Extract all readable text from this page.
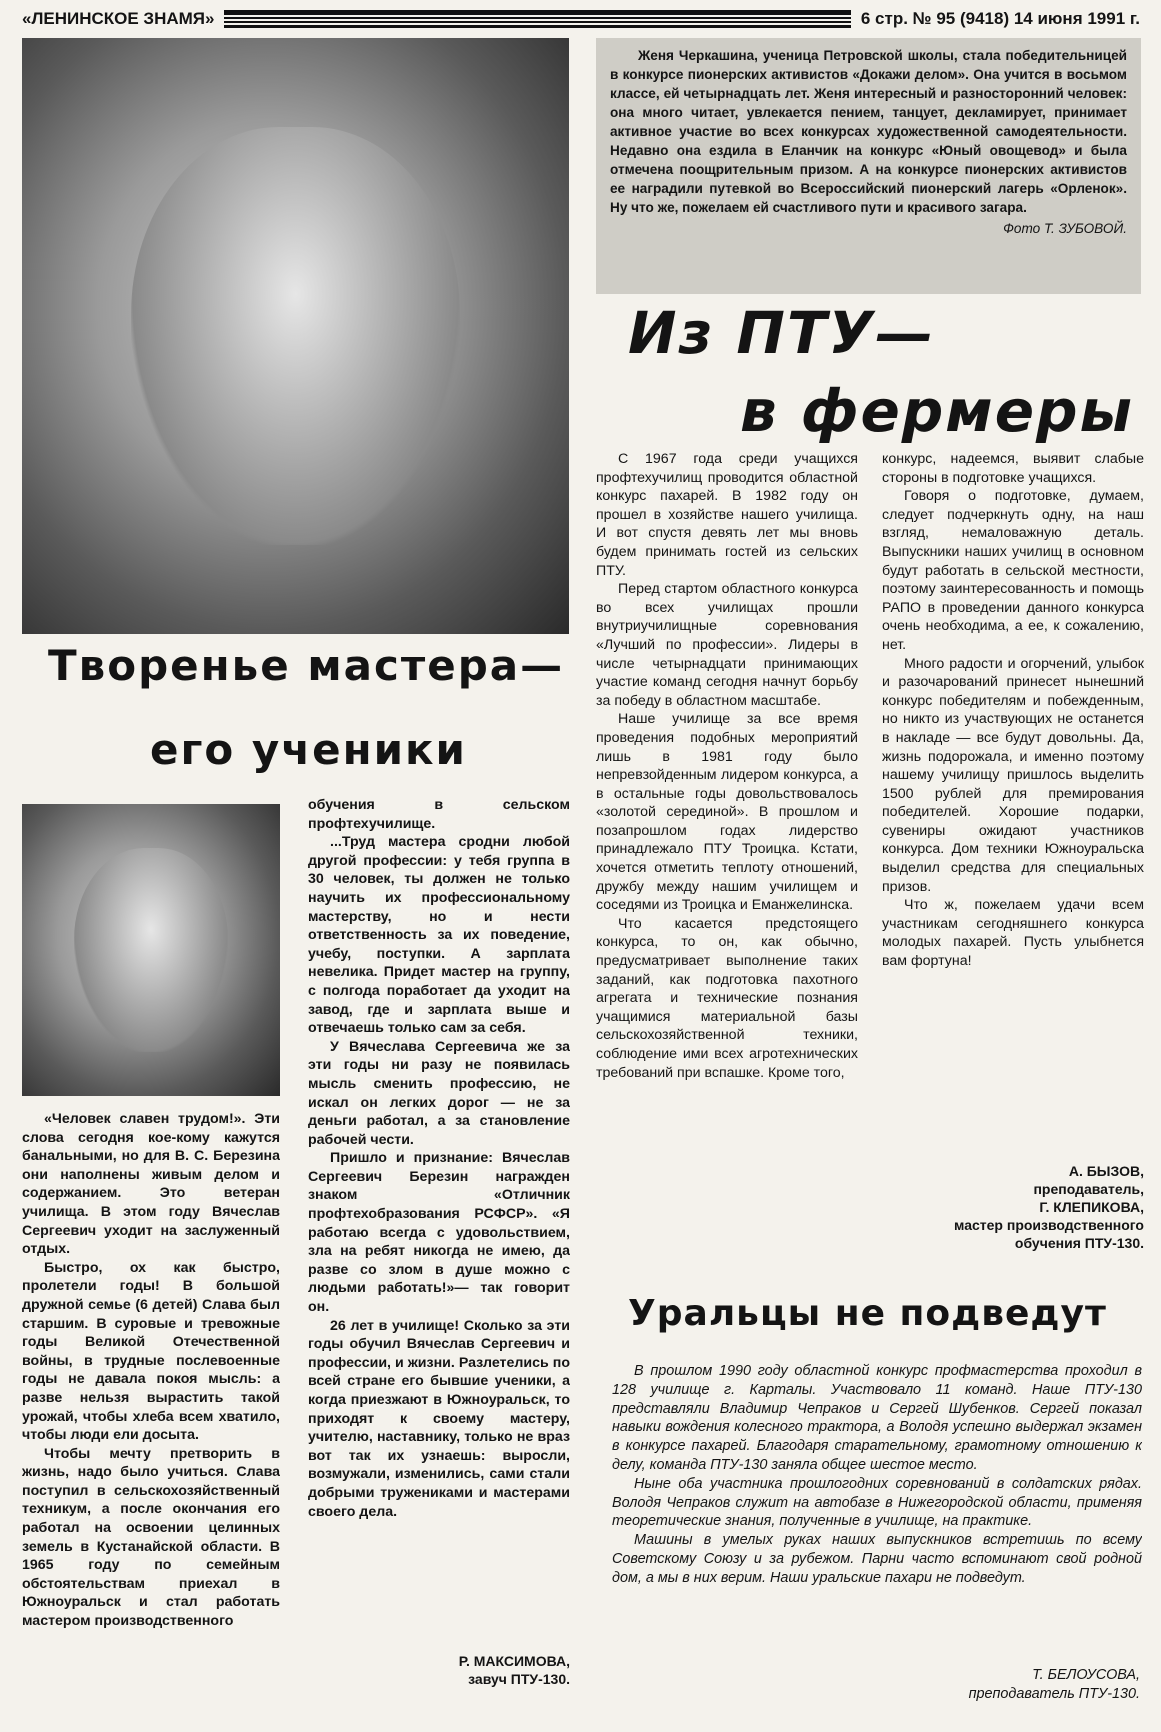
«ЛЕНИНСКОЕ ЗНАМЯ»	6 стр. № 95 (9418) 14 июня 1991 г.
Женя Черкашина, ученица Петровской школы, стала победительницей в конкурсе пионерских активистов «Докажи делом». Она учится в восьмом классе, ей четырнадцать лет. Женя интересный и разносторонний человек: она много читает, увлекается пением, танцует, декламирует, принимает активное участие во всех конкурсах художественной самодеятельности. Недавно она ездила в Еланчик на конкурс «Юный овощевод» и была отмечена поощрительным призом. А на конкурсе пионерских активистов ее наградили путевкой во Всероссийский пионерский лагерь «Орленок». Ну что же, пожелаем ей счастливого пути и красивого загара.
Фото Т. ЗУБОВОЙ.
Из ПТУ—
в фермеры
Творенье мастера—
его ученики

«Человек славен трудом!». Эти слова сегодня кое-кому кажутся банальными, но для В. С. Березина они наполнены живым делом и содержанием. Это ветеран училища. В этом году Вячеслав Сергеевич уходит на заслуженный отдых.

Быстро, ох как быстро, пролетели годы! В большой дружной семье (6 детей) Слава был старшим. В суровые и тревожные годы Великой Отечественной войны, в трудные послевоенные годы не давала покоя мысль: а разве нельзя вырастить такой урожай, чтобы хлеба всем хватило, чтобы люди ели досыта.

Чтобы мечту претворить в жизнь, надо было учиться. Слава поступил в сельскохозяйственный техникум, а после окончания его работал на освоении целинных земель в Кустанайской области. В 1965 году по семейным обстоятельствам приехал в Южноуральск и стал работать мастером производственного

обучения в сельском профтехучилище.

...Труд мастера сродни любой другой профессии: у тебя группа в 30 человек, ты должен не только научить их профессиональному мастерству, но и нести ответственность за их поведение, учебу, поступки. А зарплата невелика. Придет мастер на группу, с полгода поработает да уходит на завод, где и зарплата выше и отвечаешь только сам за себя.

У Вячеслава Сергеевича же за эти годы ни разу не появилась мысль сменить профессию, не искал он легких дорог — не за деньги работал, а за становление рабочей чести.

Пришло и признание: Вячеслав Сергеевич Березин награжден знаком «Отличник профтехобразования РСФСР». «Я работаю всегда с удовольствием, зла на ребят никогда не имею, да разве со злом в душе можно с людьми работать!»— так говорит он.

26 лет в училище! Сколько за эти годы обучил Вячеслав Сергеевич и профессии, и жизни. Разлетелись по всей стране его бывшие ученики, а когда приезжают в Южноуральск, то приходят к своему мастеру, учителю, наставнику, только не враз вот так их узнаешь: выросли, возмужали, изменились, сами стали добрыми тружениками и мастерами своего дела.

Р. МАКСИМОВА,
завуч ПТУ-130.

С 1967 года среди учащихся профтехучилищ проводится областной конкурс пахарей. В 1982 году он прошел в хозяйстве нашего училища. И вот спустя девять лет мы вновь будем принимать гостей из сельских ПТУ.

Перед стартом областного конкурса во всех училищах прошли внутриучилищные соревнования «Лучший по профессии». Лидеры в числе четырнадцати принимающих участие команд сегодня начнут борьбу за победу в областном масштабе.

Наше училище за все время проведения подобных мероприятий лишь в 1981 году было непревзойденным лидером конкурса, а в остальные годы довольствовалось «золотой серединой». В прошлом и позапрошлом годах лидерство принадлежало ПТУ Троицка. Кстати, хочется отметить теплоту отношений, дружбу между нашим училищем и соседями из Троицка и Еманжелинска.

Что касается предстоящего конкурса, то он, как обычно, предусматривает выполнение таких заданий, как подготовка пахотного агрегата и технические познания учащимися материальной базы сельскохозяйственной техники, соблюдение ими всех агротехнических требований при вспашке. Кроме того,

конкурс, надеемся, выявит слабые стороны в подготовке учащихся.

Говоря о подготовке, думаем, следует подчеркнуть одну, на наш взгляд, немаловажную деталь. Выпускники наших училищ в основном будут работать в сельской местности, поэтому заинтересованность и помощь РАПО в проведении данного конкурса очень необходима, а ее, к сожалению, нет.

Много радости и огорчений, улыбок и разочарований принесет нынешний конкурс победителям и побежденным, но никто из участвующих не останется в накладе — все будут довольны. Да, жизнь подорожала, и именно поэтому нашему училищу пришлось выделить 1500 рублей для премирования победителей. Хорошие подарки, сувениры ожидают участников конкурса. Дом техники Южноуральска выделил средства для специальных призов.

Что ж, пожелаем удачи всем участникам сегодняшнего конкурса молодых пахарей. Пусть улыбнется вам фортуна!

А. БЫЗОВ,
преподаватель,
Г. КЛЕПИКОВА,
мастер производственного
обучения ПТУ-130.
Уральцы не подведут

В прошлом 1990 году областной конкурс профмастерства проходил в 128 училище г. Карталы. Участвовало 11 команд. Наше ПТУ-130 представляли Владимир Чепраков и Сергей Шубенков. Сергей показал навыки вождения колесного трактора, а Володя успешно выдержал экзамен в конкурсе пахарей. Благодаря старательному, грамотному отношению к делу, команда ПТУ-130 заняла общее шестое место.

Ныне оба участника прошлогодних соревнований в солдатских рядах. Володя Чепраков служит на автобазе в Нижегородской области, применяя теоретические знания, полученные в училище, на практике.

Машины в умелых руках наших выпускников встретишь по всему Советскому Союзу и за рубежом. Парни часто вспоминают свой родной дом, а мы в них верим. Наши уральские пахари не подведут.

Т. БЕЛОУСОВА,
преподаватель ПТУ-130.
